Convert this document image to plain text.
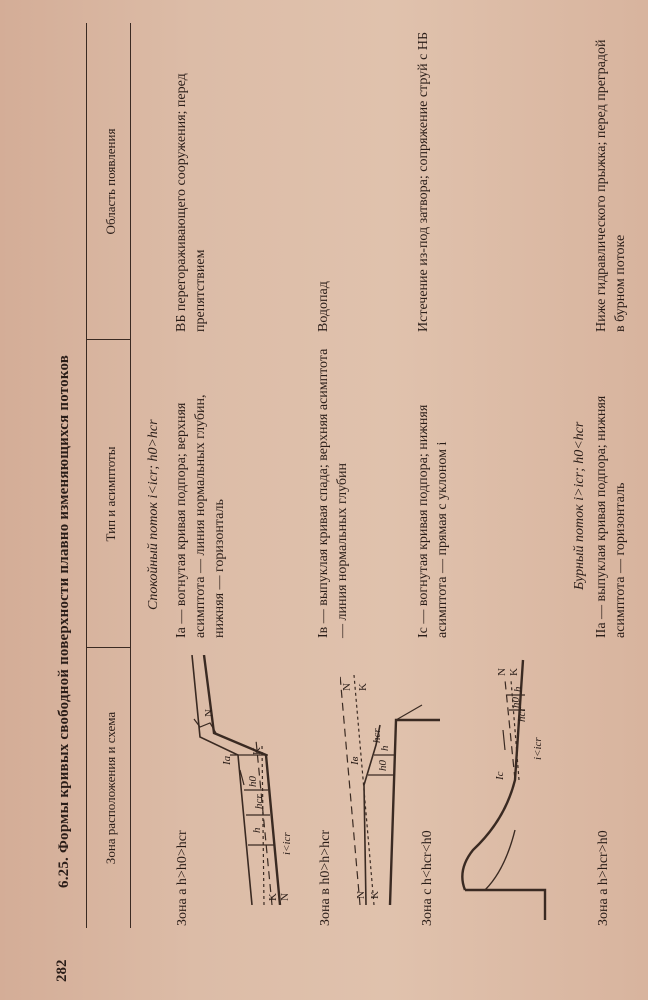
282
6.25. Формы кривых свободной поверхности плавно изменяющихся потоков Зона расположения и схема
Тип и асимптоты
Область появления
Спокойный поток i<icr; h0>hcr
Зона а h>h0>hcr
Ia — вогнутая кривая подпора; верхняя асимптота — линия нормальных глубин, нижняя — горизонталь
ВБ перегораживающего сооружения; перед препятствием
N
K
N
K
Ia
h
h0
hcr
i<icr Зона в h0>h>hcr
Iв — выпуклая кривая спада; верхняя асимптота — линия нормальных глубин
Водопад
N K
N K
Iв h0
h
hcr
Зона с h<hcr<h0
Ic — вогнутая кривая подпора; нижняя асимптота — прямая с уклоном i
Истечение из-под затвора; сопряжение струй с НБ
Ic
N K
h0
hcr
h
i<icr
Бурный поток i>icr; h0<hcr
Зона а h>hcr>h0
IIa — выпуклая кривая подпора; нижняя асимптота — горизонталь
Ниже гидравлического прыжка; перед преградой в бурном потоке
